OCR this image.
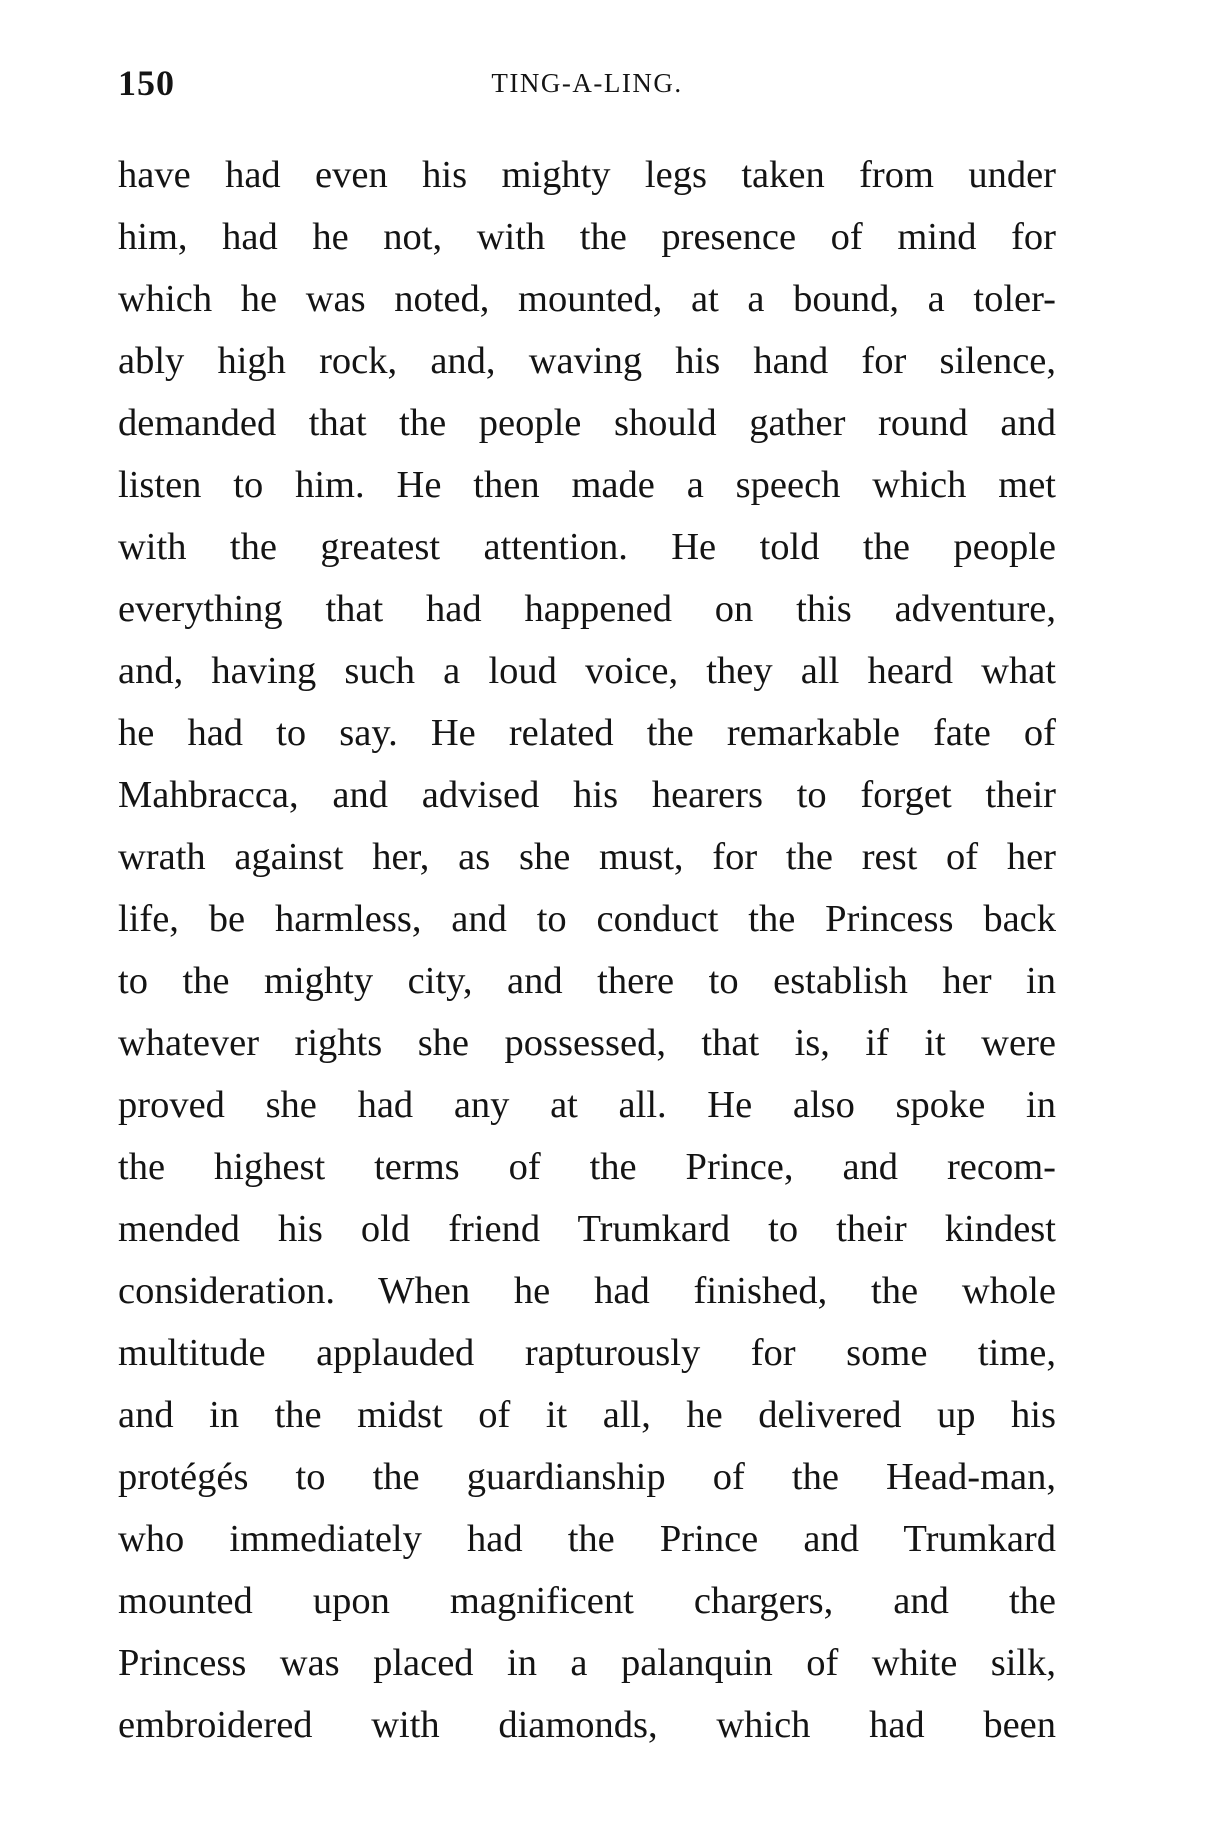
150	TING-A-LING.
have had even his mighty legs taken from under
him, had he not, with the presence of mind for
which he was noted, mounted, at a bound, a toler-
ably high rock, and, waving his hand for silence,
demanded that the people should gather round and
listen to him. He then made a speech which met
with the greatest attention. He told the people
everything that had happened on this adventure,
and, having such a loud voice, they all heard what
he had to say. He related the remarkable fate of
Mahbracca, and advised his hearers to forget their
wrath against her, as she must, for the rest of her
life, be harmless, and to conduct the Princess back
to the mighty city, and there to establish her in
whatever rights she possessed, that is, if it were
proved she had any at all. He also spoke in
the highest terms of the Prince, and recom-
mended his old friend Trumkard to their kindest
consideration. When he had finished, the whole
multitude applauded rapturously for some time,
and in the midst of it all, he delivered up his
protégés to the guardianship of the Head-man,
who immediately had the Prince and Trumkard
mounted upon magnificent chargers, and the
Princess was placed in a palanquin of white silk,
embroidered with diamonds, which had been
